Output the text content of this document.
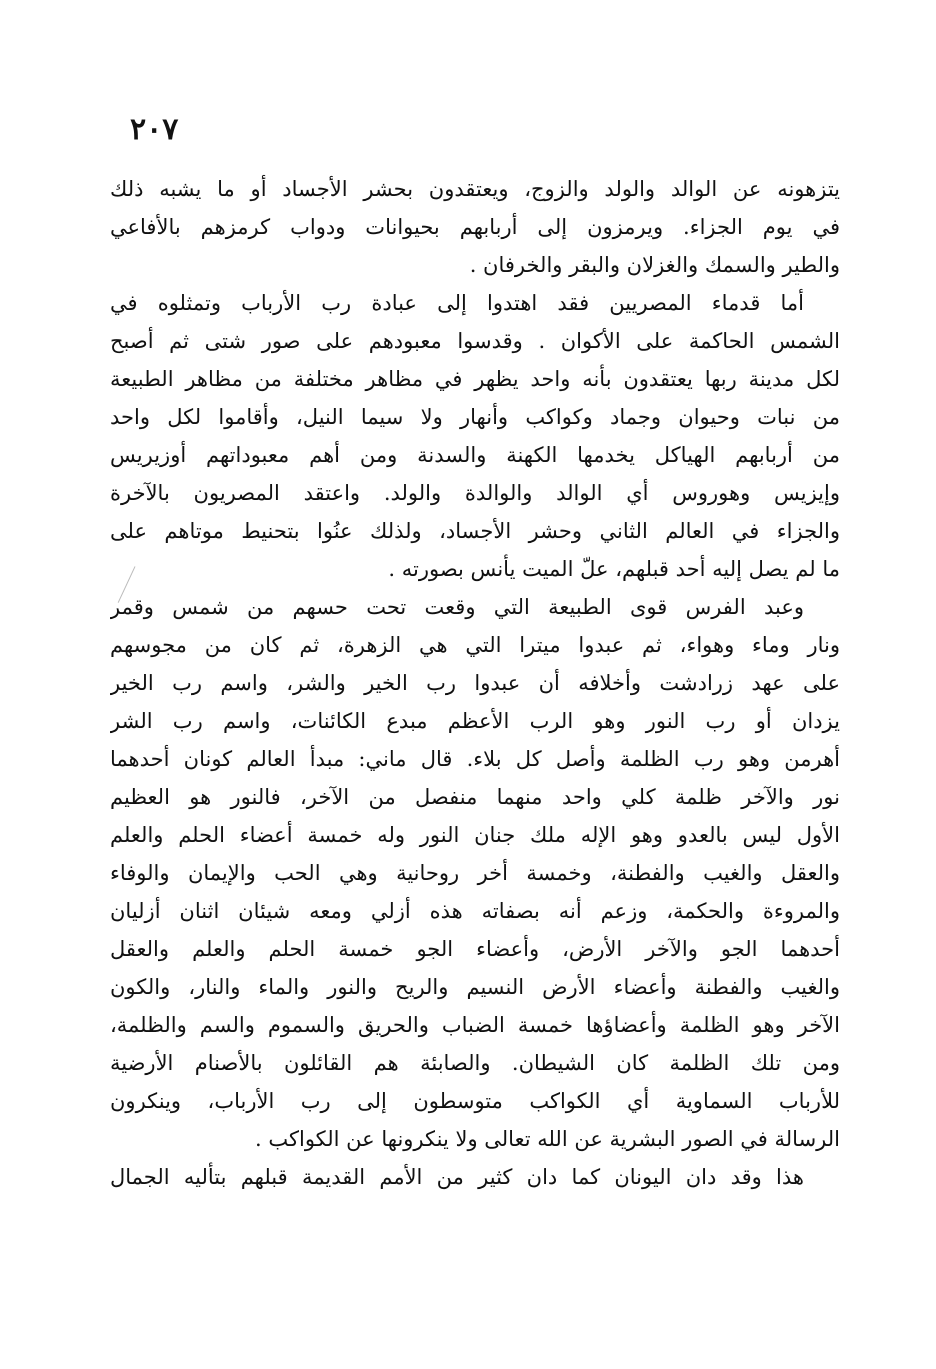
٢٠٧
يتزهونه عن الوالد والولد والزوج، ويعتقدون بحشر الأجساد أو ما يشبه ذلك
في يوم الجزاء. ويرمزون إلى أربابهم بحيوانات ودواب كرمزهم بالأفاعي
والطير والسمك والغزلان والبقر والخرفان .
أما قدماء المصريين فقد اهتدوا إلى عبادة رب الأرباب وتمثلوه في
الشمس الحاكمة على الأكوان . وقدسوا معبودهم على صور شتى ثم أصبح
لكل مدينة ربها يعتقدون بأنه واحد يظهر في مظاهر مختلفة من مظاهر الطبيعة
من نبات وحيوان وجماد وكواكب وأنهار ولا سيما النيل، وأقاموا لكل واحد
من أربابهم الهياكل يخدمها الكهنة والسدنة ومن أهم معبوداتهم أوزيريس
وإيزيس وهوروس أي الوالد والوالدة والولد. واعتقد المصريون بالآخرة
والجزاء في العالم الثاني وحشر الأجساد، ولذلك عنُوا بتحنيط موتاهم على
ما لم يصل إليه أحد قبلهم، علّ الميت يأنس بصورته .
وعبد الفرس قوى الطبيعة التي وقعت تحت حسهم من شمس وقمر
ونار وماء وهواء، ثم عبدوا ميترا التي هي الزهرة، ثم كان من مجوسهم
على عهد زرادشت وأخلافه أن عبدوا رب الخير والشر، واسم رب الخير
يزدان أو رب النور وهو الرب الأعظم مبدع الكائنات، واسم رب الشر
أهرمن وهو رب الظلمة وأصل كل بلاء. قال ماني: مبدأ العالم كونان أحدهما
نور والآخر ظلمة كلي واحد منهما منفصل من الآخر، فالنور هو العظيم
الأول ليس بالعدو وهو الإله ملك جنان النور وله خمسة أعضاء الحلم والعلم
والعقل والغيب والفطنة، وخمسة أخر روحانية وهي الحب والإيمان والوفاء
والمروءة والحكمة، وزعم أنه بصفاته هذه أزلي ومعه شيئان اثنان أزليان
أحدهما الجو والآخر الأرض، وأعضاء الجو خمسة الحلم والعلم والعقل
والغيب والفطنة وأعضاء الأرض النسيم والريح والنور والماء والنار، والكون
الآخر وهو الظلمة وأعضاؤها خمسة الضباب والحريق والسموم والسم والظلمة،
ومن تلك الظلمة كان الشيطان. والصابئة هم القائلون بالأصنام الأرضية
للأرباب السماوية أي الكواكب متوسطون إلى رب الأرباب، وينكرون
الرسالة في الصور البشرية عن الله تعالى ولا ينكرونها عن الكواكب .
هذا وقد دان اليونان كما دان كثير من الأمم القديمة قبلهم بتأليه الجمال
